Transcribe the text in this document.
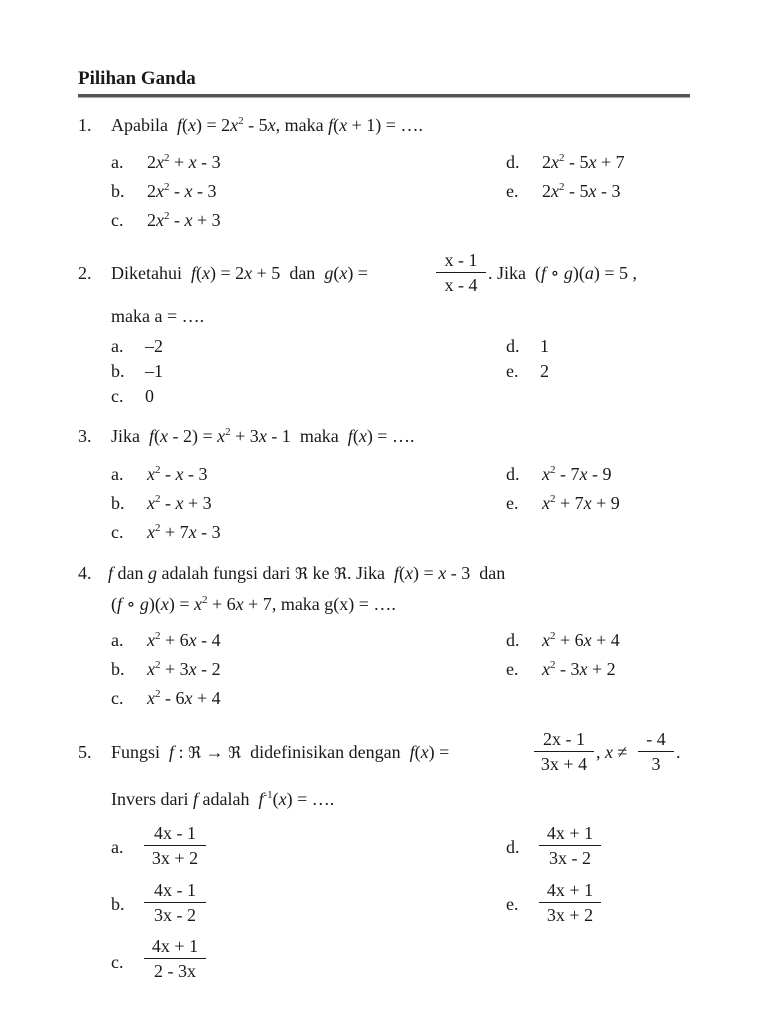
Pilihan Ganda
1. Apabila $f(x) = 2x^2 - 5x$, maka f(x + 1) = ….
a. $2x^2 + x - 3$
b. $2x^2$ - x - 3
c. $2x^2 - x + 3$
d. $2x^2 - 5x + 7$
e. $2x^2 - 5x - 3$
2. Diketahui f(x) = 2x + 5 dan g(x) =
x - 1
x - 4
. Jika (f ∘ g)(a) = 5 ,
maka a = ….
a. –2
b. –1
c. 0
d. 1
e. 2
3. Jika $f(x - 2) = x^2 + 3x - 1$ maka f(x) = ….
a. $x^2$ - x - 3
b. $x^2 - x + 3$
c. $x^2 + 7x - 3$
d. $x^2 - 7x - 9$
e. $x^2 + 7x + 9$
4. f dan g adalah fungsi dari ℜ ke ℜ. Jika f(x) = x - 3 dan
(f ∘ $g)(x) = x^2 + 6x + 7$, maka g(x) = ….
a. $x^2 + 6x - 4$
b. $x^2 + 3x - 2$
c. $x^2 - 6x + 4$
d. $x^2 + 6x + 4$
e. $x^2 - 3x + 2$
5. Fungsi f : ℜ → ℜ didefinisikan dengan f(x) =
2x - 1
3x + 4
, x ≠
- 4
3
.
Invers dari f adalah $f^{-1}(x)$ = ….
a.
4x - 1
3x + 2
b.
4x - 1
3x - 2
c.
4x + 1
2 - 3x
d.
4x + 1
3x - 2
e.
4x + 1
3x + 2
